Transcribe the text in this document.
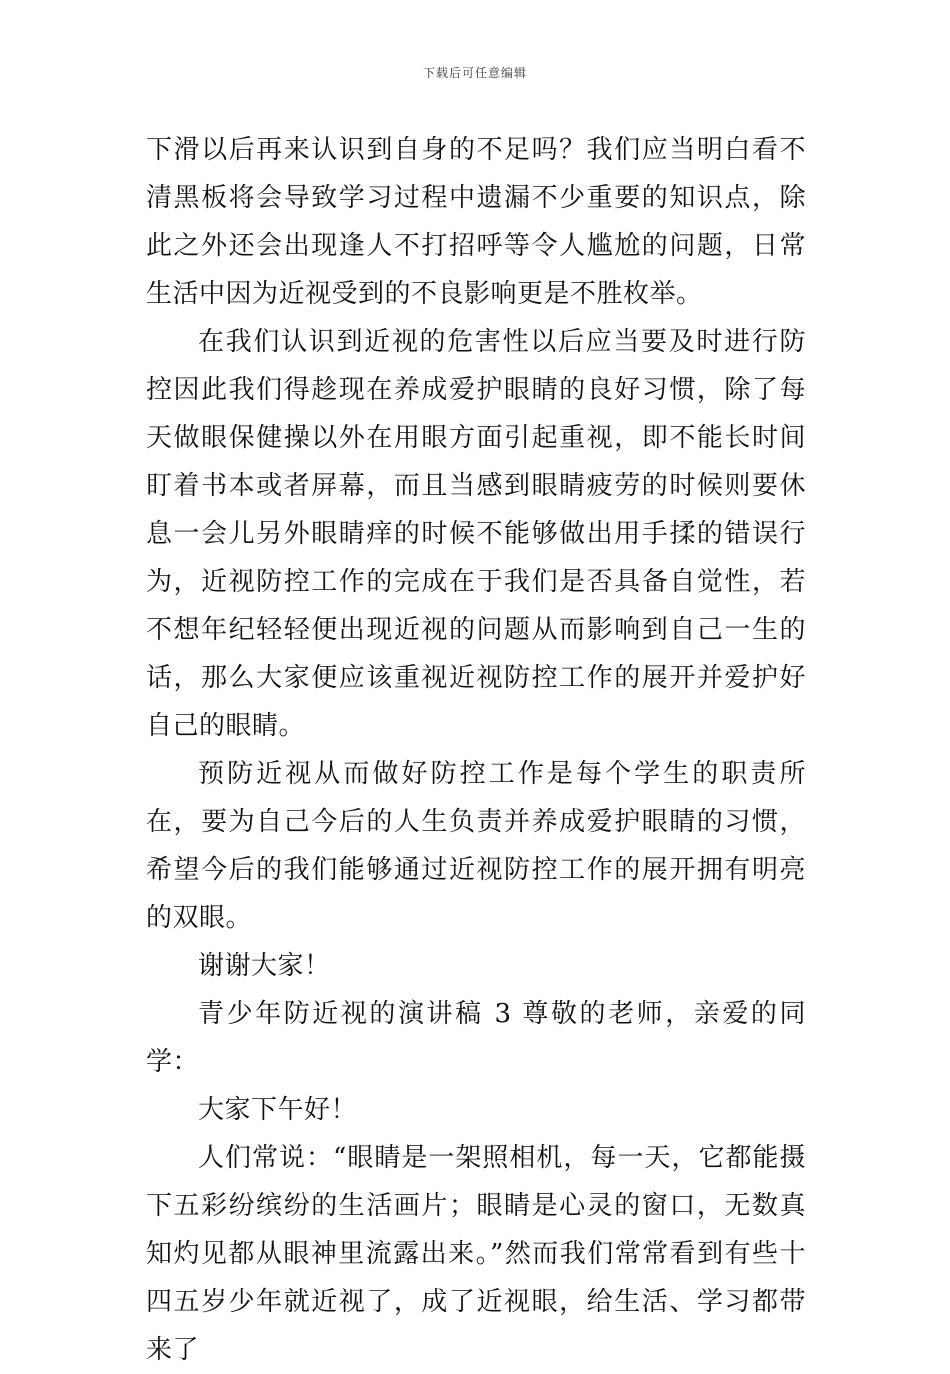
下载后可任意编辑

下滑以后再来认识到自身的不足吗？我们应当明白看不清黑板将会导致学习过程中遗漏不少重要的知识点，除此之外还会出现逢人不打招呼等令人尴尬的问题，日常生活中因为近视受到的不良影响更是不胜枚举。

在我们认识到近视的危害性以后应当要及时进行防控因此我们得趁现在养成爱护眼睛的良好习惯，除了每天做眼保健操以外在用眼方面引起重视，即不能长时间盯着书本或者屏幕，而且当感到眼睛疲劳的时候则要休息一会儿另外眼睛痒的时候不能够做出用手揉的错误行为，近视防控工作的完成在于我们是否具备自觉性，若不想年纪轻轻便出现近视的问题从而影响到自己一生的话，那么大家便应该重视近视防控工作的展开并爱护好自己的眼睛。

预防近视从而做好防控工作是每个学生的职责所在，要为自己今后的人生负责并养成爱护眼睛的习惯，希望今后的我们能够通过近视防控工作的展开拥有明亮的双眼。

谢谢大家！

青少年防近视的演讲稿 3 尊敬的老师，亲爱的同学：

大家下午好！

人们常说：“眼睛是一架照相机，每一天，它都能摄下五彩纷缤纷的生活画片；眼睛是心灵的窗口，无数真知灼见都从眼神里流露出来。”然而我们常常看到有些十四五岁少年就近视了，成了近视眼，给生活、学习都带来了
